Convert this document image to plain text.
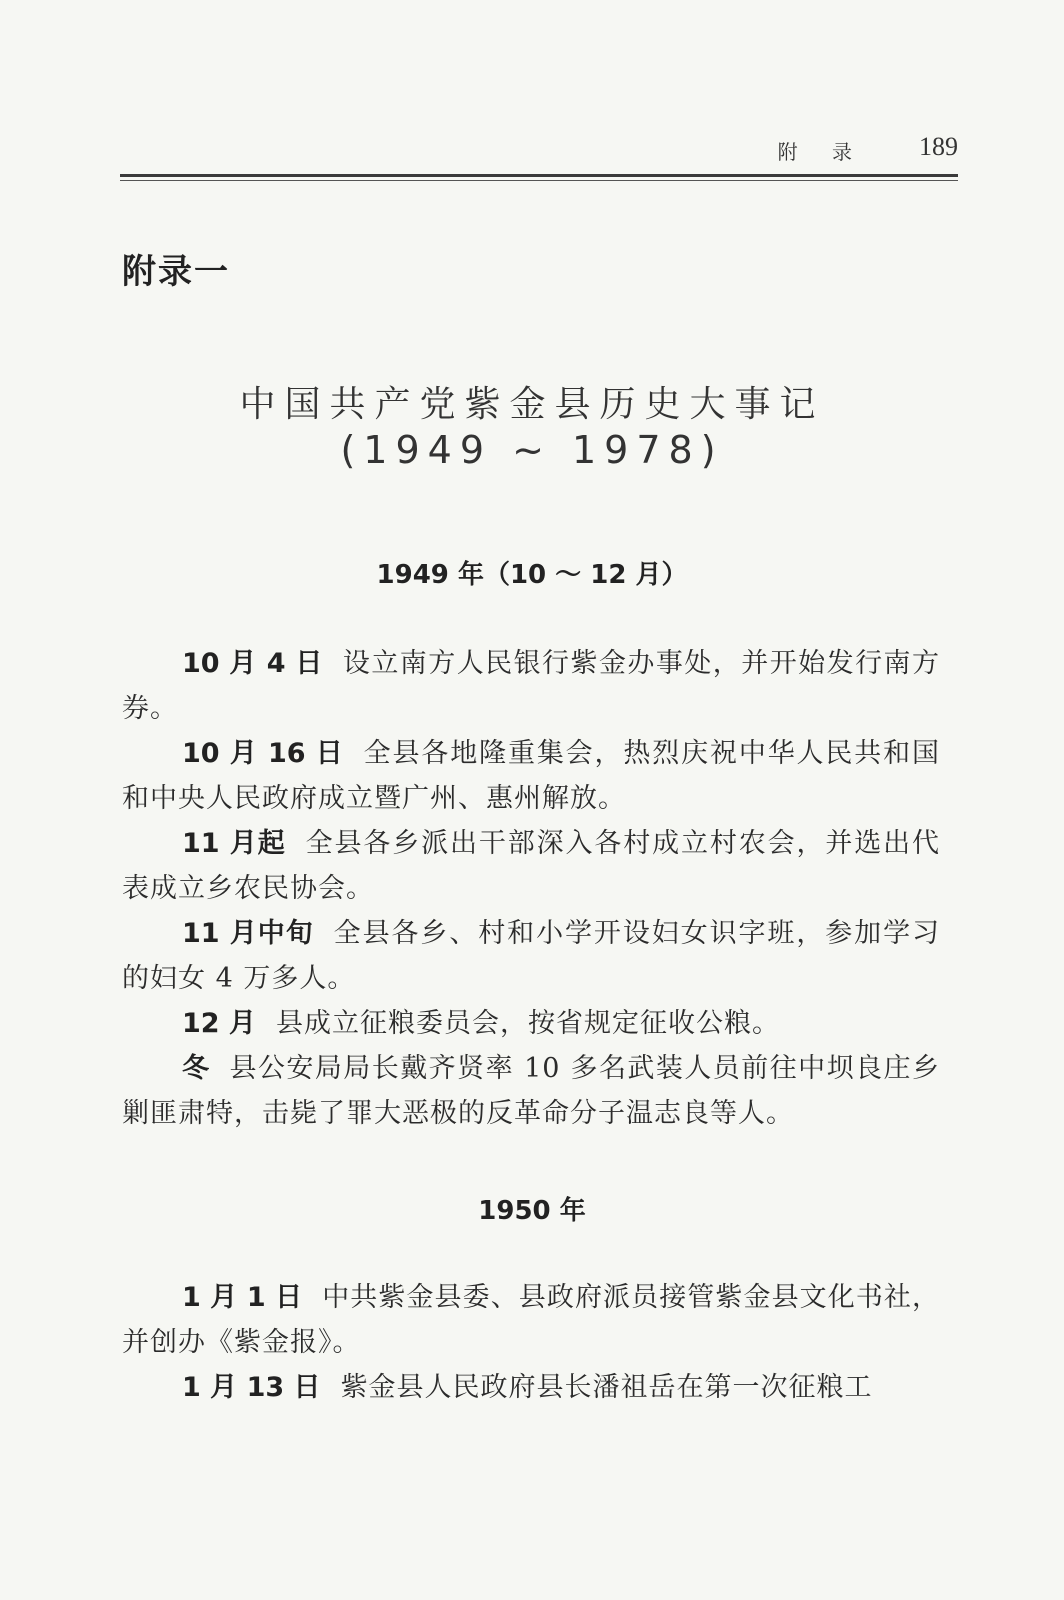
附 录 189
附录一
中国共产党紫金县历史大事记
(1949 ~ 1978)
1949 年（10 ～ 12 月）

10 月 4 日 设立南方人民银行紫金办事处，并开始发行南方券。

10 月 16 日 全县各地隆重集会，热烈庆祝中华人民共和国和中央人民政府成立暨广州、惠州解放。

11 月起 全县各乡派出干部深入各村成立村农会，并选出代表成立乡农民协会。

11 月中旬 全县各乡、村和小学开设妇女识字班，参加学习的妇女 4 万多人。

12 月 县成立征粮委员会，按省规定征收公粮。

冬 县公安局局长戴齐贤率 10 多名武装人员前往中坝良庄乡剿匪肃特，击毙了罪大恶极的反革命分子温志良等人。

1950 年

1 月 1 日 中共紫金县委、县政府派员接管紫金县文化书社，并创办《紫金报》。

1 月 13 日 紫金县人民政府县长潘祖岳在第一次征粮工
